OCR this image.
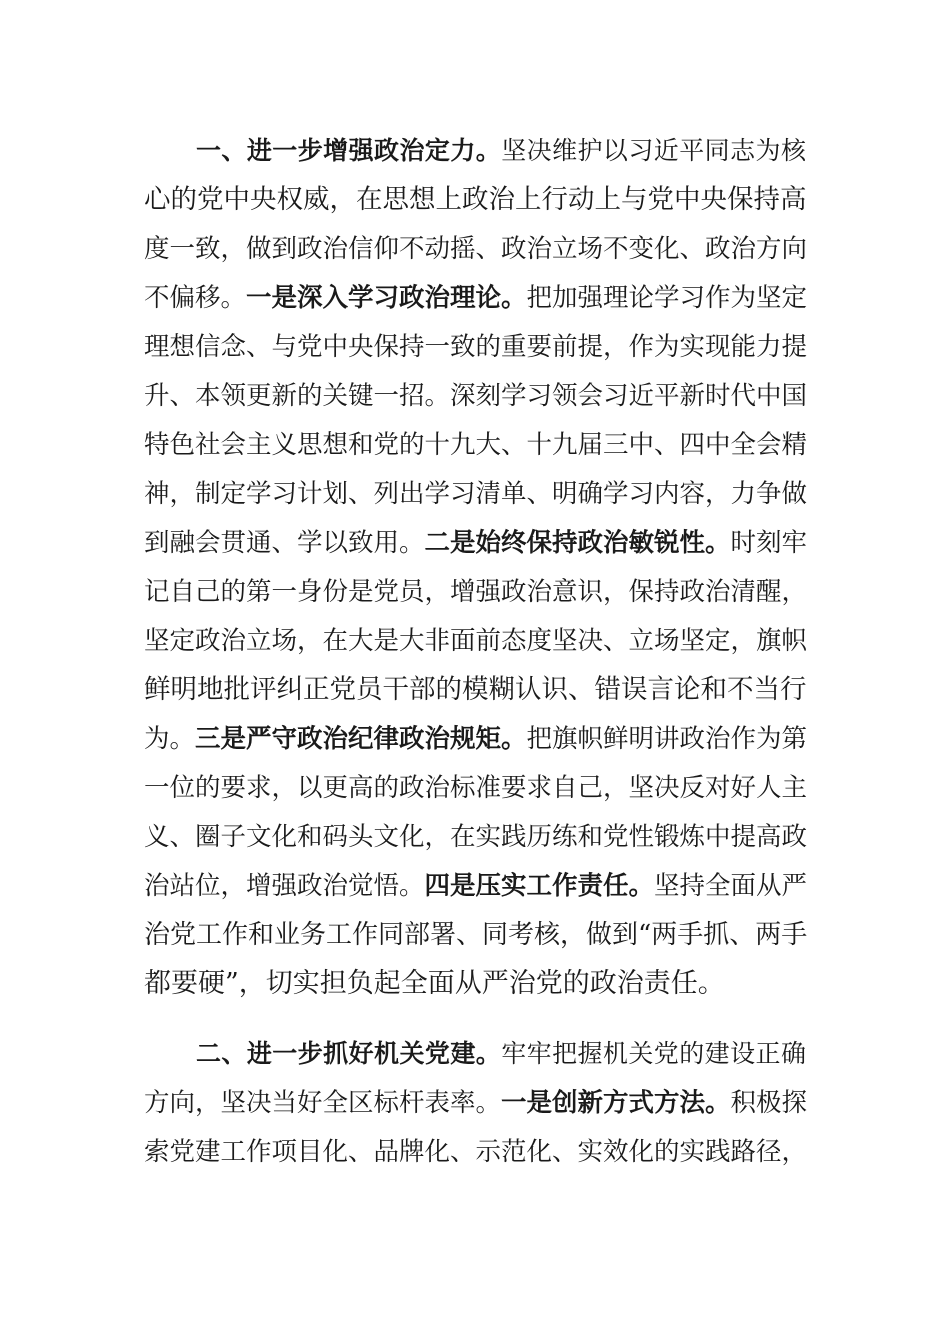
一、进一步增强政治定力。坚决维护以习近平同志为核
心的党中央权威，在思想上政治上行动上与党中央保持高
度一致，做到政治信仰不动摇、政治立场不变化、政治方向
不偏移。一是深入学习政治理论。把加强理论学习作为坚定
理想信念、与党中央保持一致的重要前提，作为实现能力提
升、本领更新的关键一招。深刻学习领会习近平新时代中国
特色社会主义思想和党的十九大、十九届三中、四中全会精
神，制定学习计划、列出学习清单、明确学习内容，力争做
到融会贯通、学以致用。二是始终保持政治敏锐性。时刻牢
记自己的第一身份是党员，增强政治意识，保持政治清醒，
坚定政治立场，在大是大非面前态度坚决、立场坚定，旗帜
鲜明地批评纠正党员干部的模糊认识、错误言论和不当行
为。三是严守政治纪律政治规矩。把旗帜鲜明讲政治作为第
一位的要求，以更高的政治标准要求自己，坚决反对好人主
义、圈子文化和码头文化，在实践历练和党性锻炼中提高政
治站位，增强政治觉悟。四是压实工作责任。坚持全面从严
治党工作和业务工作同部署、同考核，做到“两手抓、两手
都要硬”，切实担负起全面从严治党的政治责任。
二、进一步抓好机关党建。牢牢把握机关党的建设正确
方向，坚决当好全区标杆表率。一是创新方式方法。积极探
索党建工作项目化、品牌化、示范化、实效化的实践路径，
